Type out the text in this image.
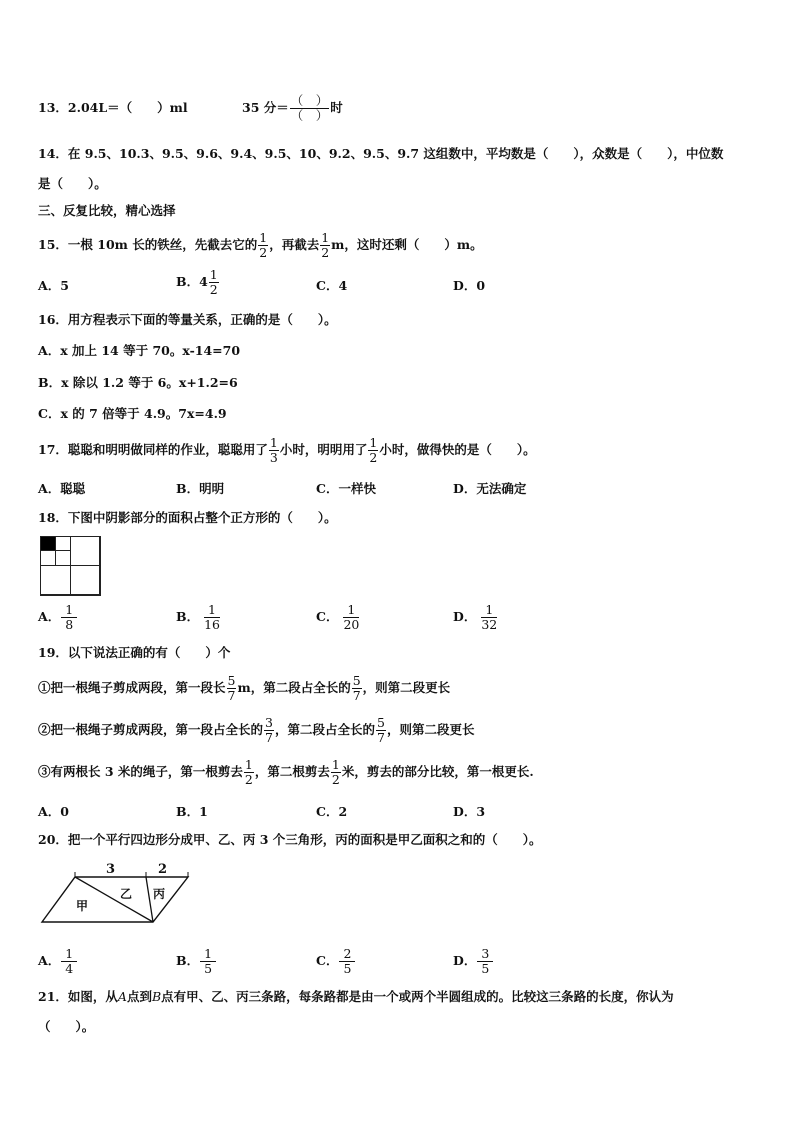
13．2.04L＝（　　）ml	35 分＝ $\frac{( )}{( )}$ 时
14．在 9.5、10.3、9.5、9.6、9.4、9.5、10、9.2、9.5、9.7 这组数中，平均数是（　　），众数是（　　），中位数
是（　　）。
三、反复比较，精心选择
15．一根 10m 长的铁丝，先截去它的 $\frac{1}{2}$ ，再截去 $\frac{1}{2}$ m，这时还剩（　　）m。
A．5	B．$4 \frac{1}{2}$	C．4	D．0
16．用方程表示下面的等量关系，正确的是（　　）。
A．x 加上 14 等于 70。x-14=70
B．x 除以 1.2 等于 6。x+1.2=6
C．x 的 7 倍等于 4.9。7x=4.9
17．聪聪和明明做同样的作业，聪聪用了 $\frac{1}{3}$ 小时，明明用了 $\frac{1}{2}$ 小时，做得快的是（　　）。
A．聪聪	B．明明	C．一样快	D．无法确定
18．下图中阴影部分的面积占整个正方形的（　　）。
A． $\frac{1}{8}$	B． $\frac{1}{16}$	C． $\frac{1}{20}$	D． $\frac{1}{32}$
19．以下说法正确的有（　　）个
①把一根绳子剪成两段，第一段长 $\frac{5}{7}$ m，第二段占全长的 $\frac{5}{7}$ ，则第二段更长
②把一根绳子剪成两段，第一段占全长的 $\frac{3}{7}$ ，第二段占全长的 $\frac{5}{7}$ ，则第二段更长
③有两根长 3 米的绳子，第一根剪去 $\frac{1}{2}$ ，第二根剪去 $\frac{1}{2}$ 米，剪去的部分比较，第一根更长.
A．0	B．1	C．2	D．3
20．把一个平行四边形分成甲、乙、丙 3 个三角形，丙的面积是甲乙面积之和的（　　）。
3	2
甲
乙 丙
A． $\frac{1}{4}$	B． $\frac{1}{5}$	C． $\frac{2}{5}$	D． $\frac{3}{5}$
21．如图，从A点到B点有甲、乙、丙三条路，每条路都是由一个或两个半圆组成的。比较这三条路的长度，你认为
（　　）。
